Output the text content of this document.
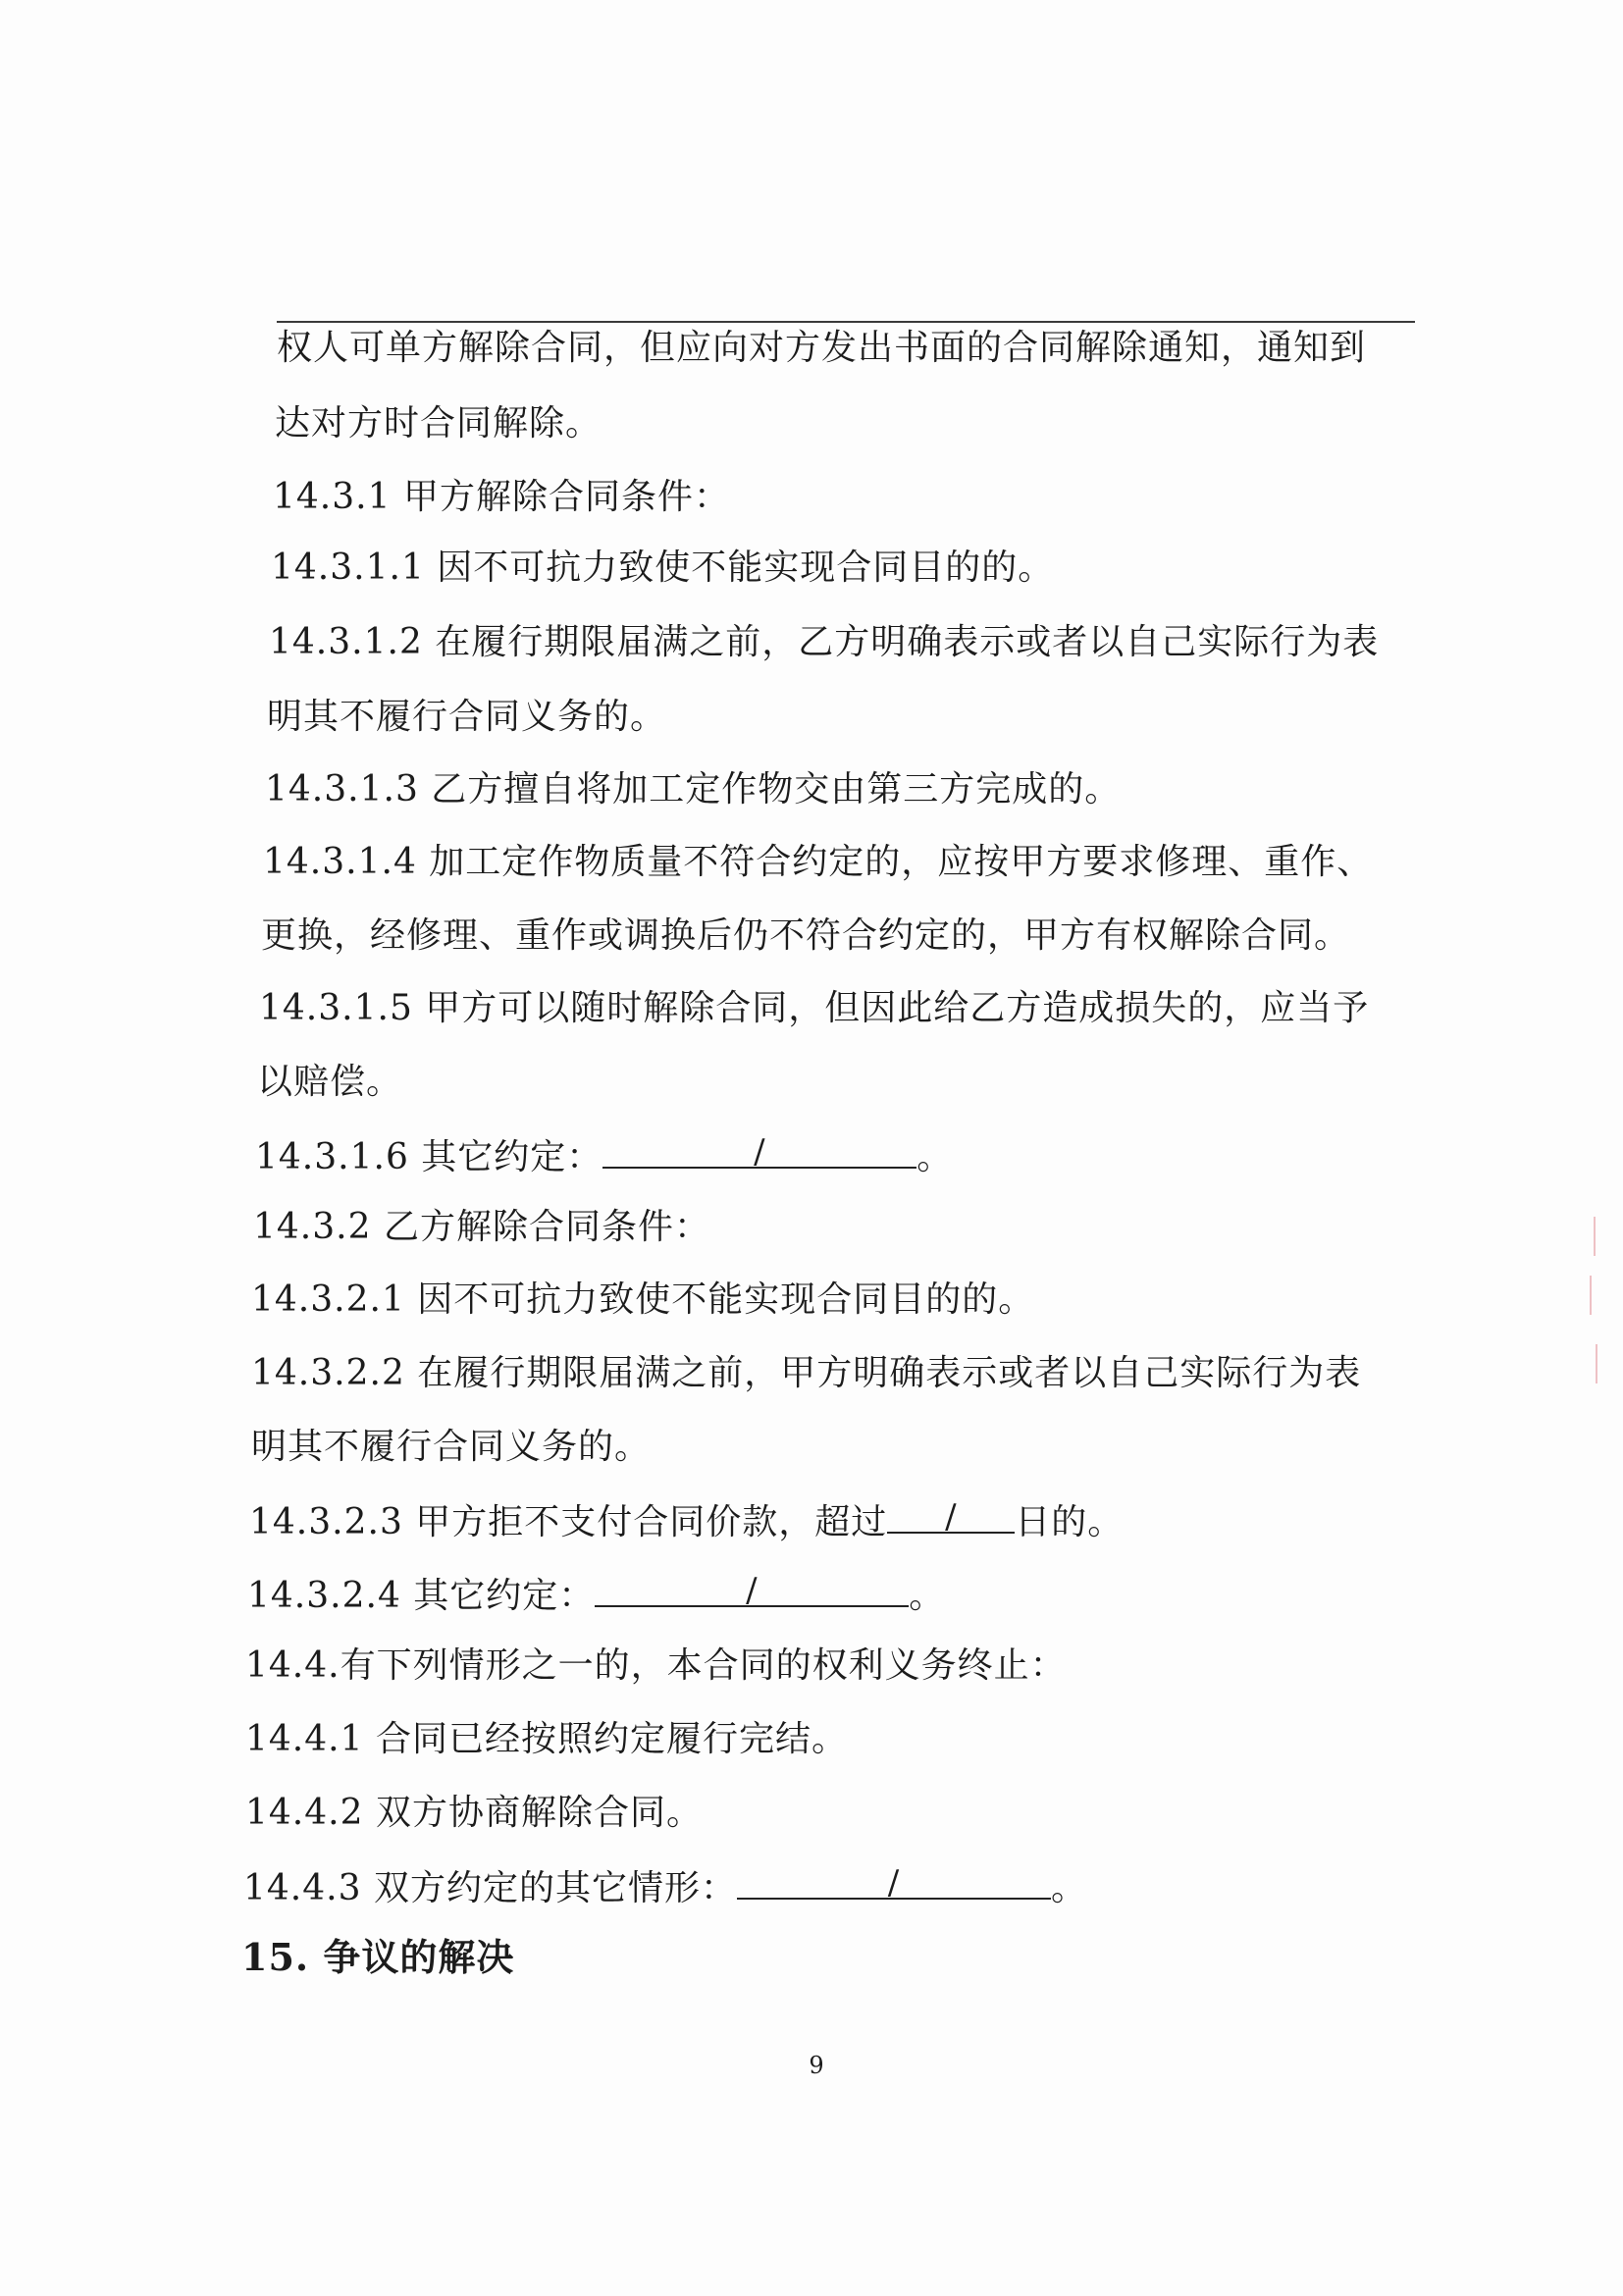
权人可单方解除合同，但应向对方发出书面的合同解除通知，通知到
达对方时合同解除。
14.3.1 甲方解除合同条件：
14.3.1.1 因不可抗力致使不能实现合同目的的。
14.3.1.2 在履行期限届满之前，乙方明确表示或者以自己实际行为表
明其不履行合同义务的。
14.3.1.3 乙方擅自将加工定作物交由第三方完成的。
14.3.1.4 加工定作物质量不符合约定的，应按甲方要求修理、重作、
更换，经修理、重作或调换后仍不符合约定的，甲方有权解除合同。
14.3.1.5 甲方可以随时解除合同，但因此给乙方造成损失的，应当予
以赔偿。
14.3.1.6 其它约定：	/	。
14.3.2 乙方解除合同条件：
14.3.2.1 因不可抗力致使不能实现合同目的的。
14.3.2.2 在履行期限届满之前，甲方明确表示或者以自己实际行为表
明其不履行合同义务的。
14.3.2.3 甲方拒不支付合同价款，超过	/	日的。
14.3.2.4 其它约定：	/	。
14.4.有下列情形之一的，本合同的权利义务终止：
14.4.1 合同已经按照约定履行完结。
14.4.2 双方协商解除合同。
14.4.3 双方约定的其它情形：	/	。
15. 争议的解决
9
